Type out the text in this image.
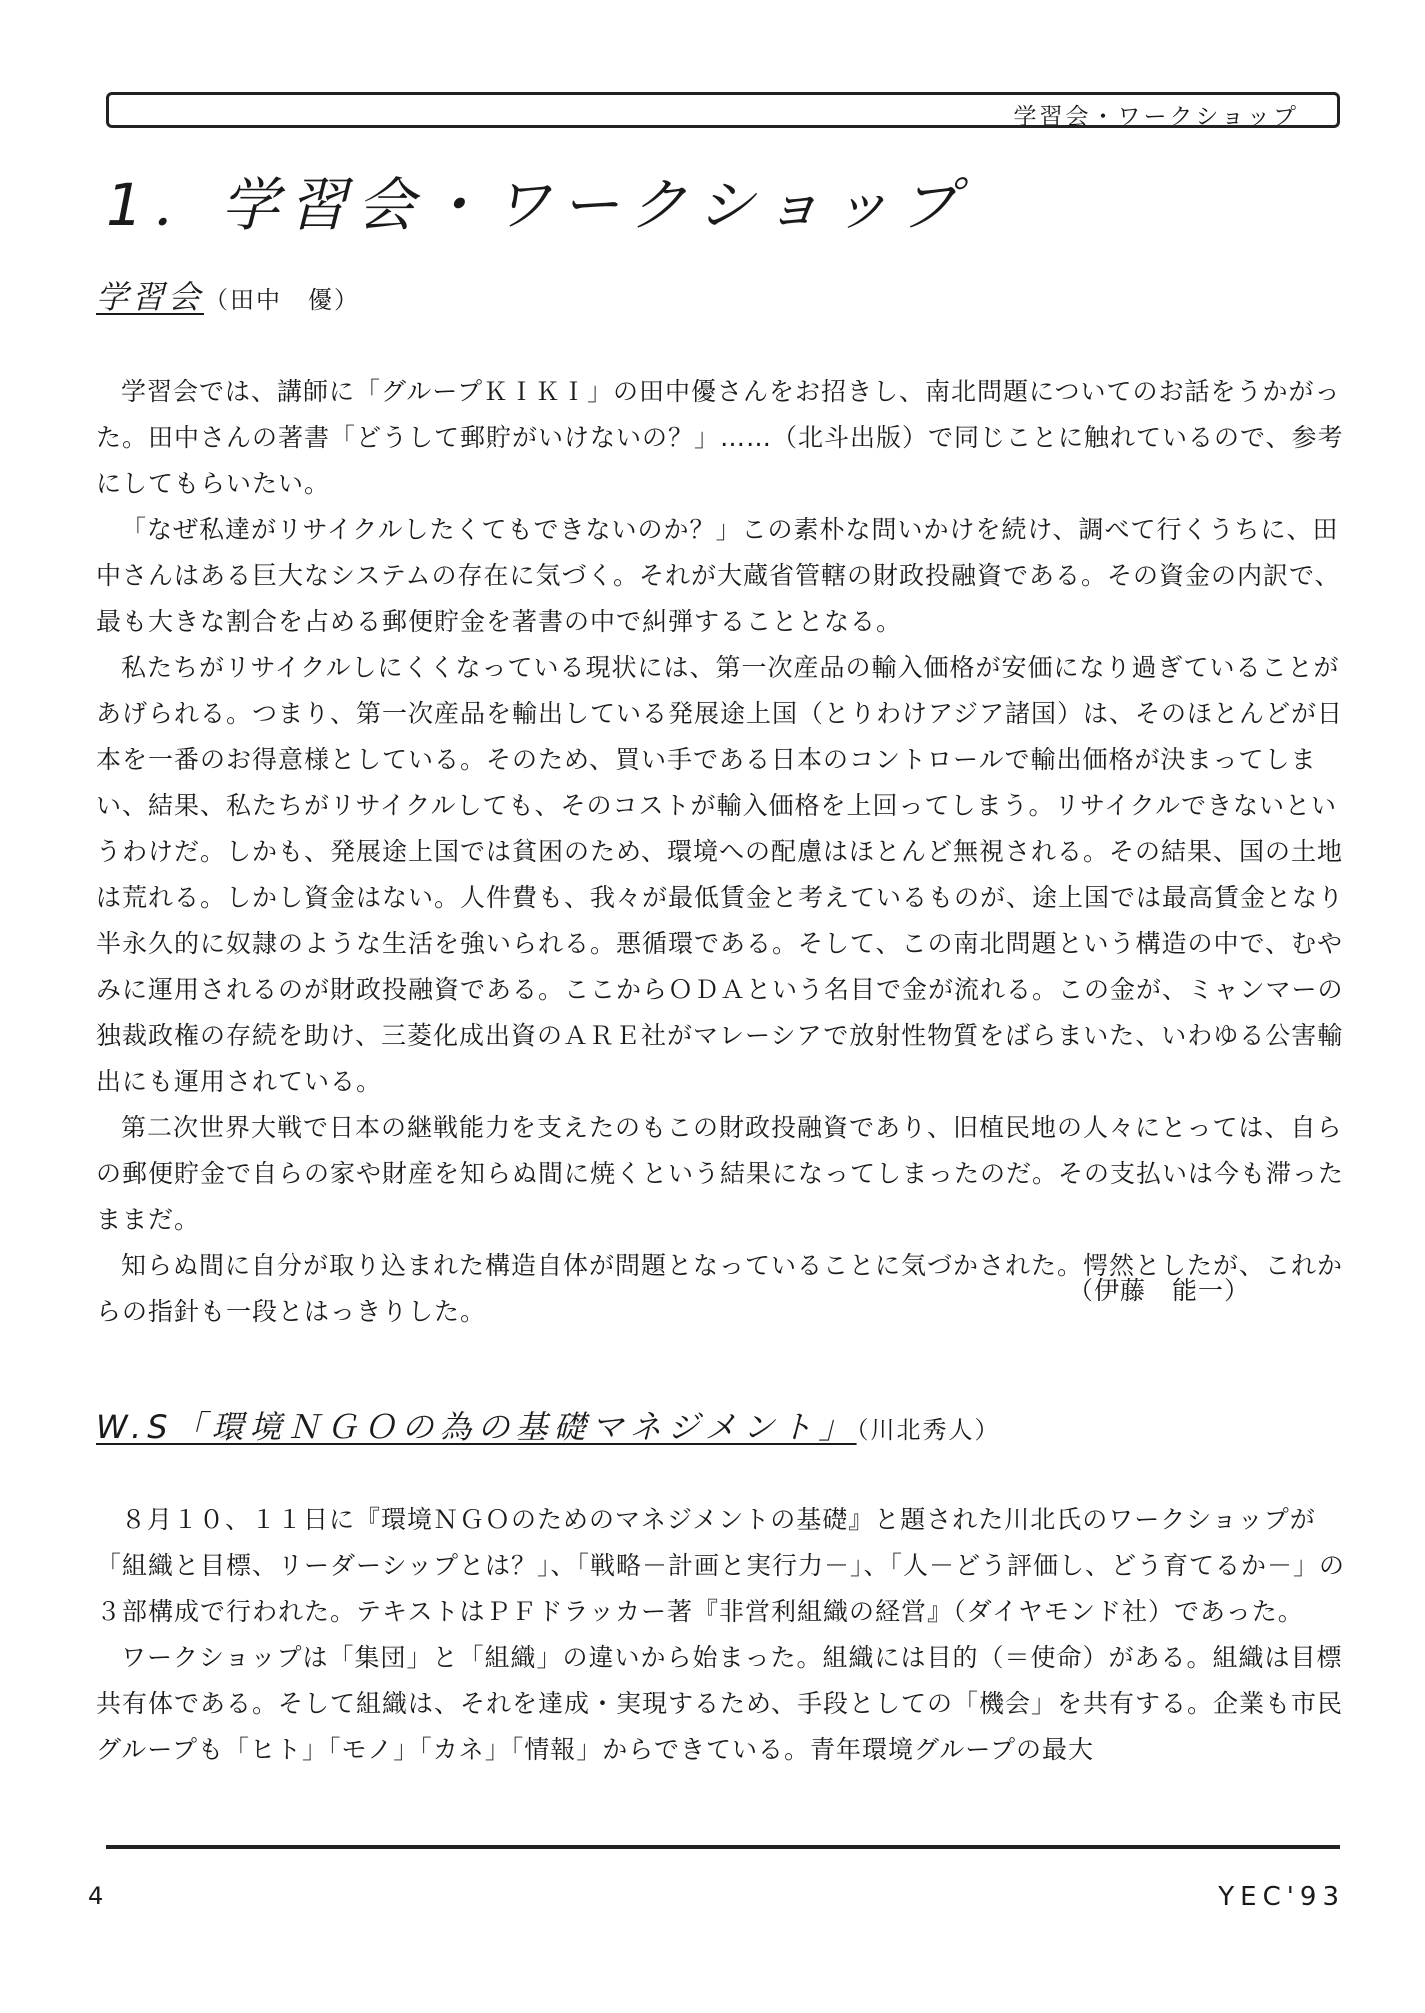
学習会・ワークショップ
1．学習会・ワークショップ
学習会（田中　優）

学習会では、講師に「グループＫＩＫＩ」の田中優さんをお招きし、南北問題についてのお話をうかがった。田中さんの著書「どうして郵貯がいけないの？」……（北斗出版）で同じことに触れているので、参考にしてもらいたい。

「なぜ私達がリサイクルしたくてもできないのか？」この素朴な問いかけを続け、調べて行くうちに、田中さんはある巨大なシステムの存在に気づく。それが大蔵省管轄の財政投融資である。その資金の内訳で、最も大きな割合を占める郵便貯金を著書の中で糾弾することとなる。

私たちがリサイクルしにくくなっている現状には、第一次産品の輸入価格が安価になり過ぎていることがあげられる。つまり、第一次産品を輸出している発展途上国（とりわけアジア諸国）は、そのほとんどが日本を一番のお得意様としている。そのため、買い手である日本のコントロールで輸出価格が決まってしまい、結果、私たちがリサイクルしても、そのコストが輸入価格を上回ってしまう。リサイクルできないというわけだ。しかも、発展途上国では貧困のため、環境への配慮はほとんど無視される。その結果、国の土地は荒れる。しかし資金はない。人件費も、我々が最低賃金と考えているものが、途上国では最高賃金となり半永久的に奴隷のような生活を強いられる。悪循環である。そして、この南北問題という構造の中で、むやみに運用されるのが財政投融資である。ここからＯＤＡという名目で金が流れる。この金が、ミャンマーの独裁政権の存続を助け、三菱化成出資のＡＲＥ社がマレーシアで放射性物質をばらまいた、いわゆる公害輸出にも運用されている。

第二次世界大戦で日本の継戦能力を支えたのもこの財政投融資であり、旧植民地の人々にとっては、自らの郵便貯金で自らの家や財産を知らぬ間に焼くという結果になってしまったのだ。その支払いは今も滞ったままだ。

知らぬ間に自分が取り込まれた構造自体が問題となっていることに気づかされた。愕然としたが、これからの指針も一段とはっきりした。

（伊藤　能一）
W.S「環境ＮＧＯの為の基礎マネジメント」（川北秀人）

８月１０、１１日に『環境ＮＧＯのためのマネジメントの基礎』と題された川北氏のワークショップが「組織と目標、リーダーシップとは？」、「戦略－計画と実行力－」、「人－どう評価し、どう育てるか－」の３部構成で行われた。テキストはＰＦドラッカー著『非営利組織の経営』（ダイヤモンド社）であった。

ワークショップは「集団」と「組織」の違いから始まった。組織には目的（＝使命）がある。組織は目標共有体である。そして組織は、それを達成・実現するため、手段としての「機会」を共有する。企業も市民グループも「ヒト」「モノ」「カネ」「情報」からできている。青年環境グループの最大

4	YEC'93
